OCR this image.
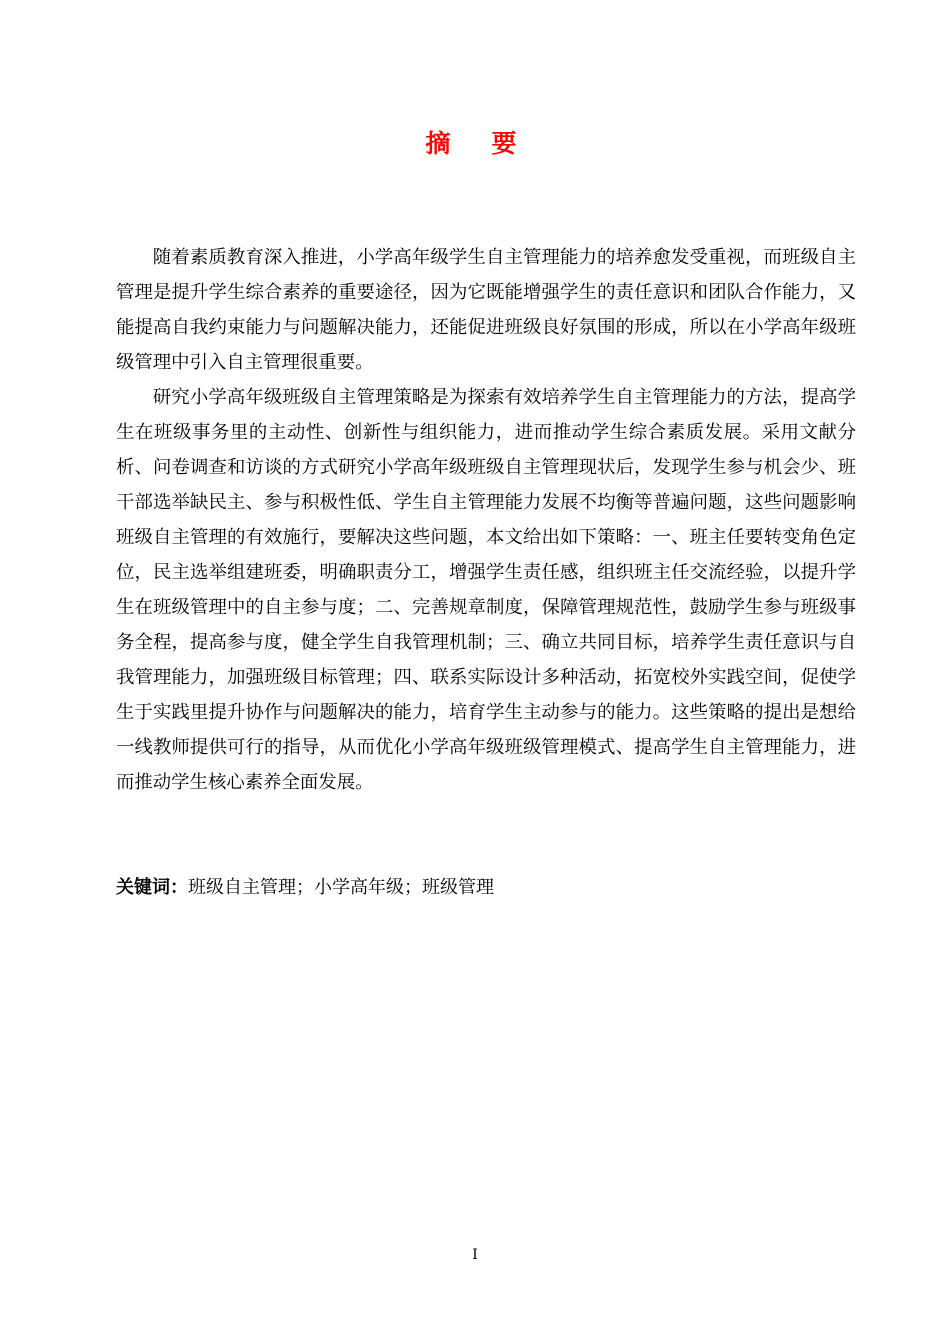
摘　要

随着素质教育深入推进，小学高年级学生自主管理能力的培养愈发受重视，而班级自主管理是提升学生综合素养的重要途径，因为它既能增强学生的责任意识和团队合作能力，又能提高自我约束能力与问题解决能力，还能促进班级良好氛围的形成，所以在小学高年级班级管理中引入自主管理很重要。

研究小学高年级班级自主管理策略是为探索有效培养学生自主管理能力的方法，提高学生在班级事务里的主动性、创新性与组织能力，进而推动学生综合素质发展。采用文献分析、问卷调查和访谈的方式研究小学高年级班级自主管理现状后，发现学生参与机会少、班干部选举缺民主、参与积极性低、学生自主管理能力发展不均衡等普遍问题，这些问题影响班级自主管理的有效施行，要解决这些问题，本文给出如下策略：一、班主任要转变角色定位，民主选举组建班委，明确职责分工，增强学生责任感，组织班主任交流经验，以提升学生在班级管理中的自主参与度；二、完善规章制度，保障管理规范性，鼓励学生参与班级事务全程，提高参与度，健全学生自我管理机制；三、确立共同目标，培养学生责任意识与自我管理能力，加强班级目标管理；四、联系实际设计多种活动，拓宽校外实践空间，促使学生于实践里提升协作与问题解决的能力，培育学生主动参与的能力。这些策略的提出是想给一线教师提供可行的指导，从而优化小学高年级班级管理模式、提高学生自主管理能力，进而推动学生核心素养全面发展。

关键词：班级自主管理；小学高年级；班级管理
I
